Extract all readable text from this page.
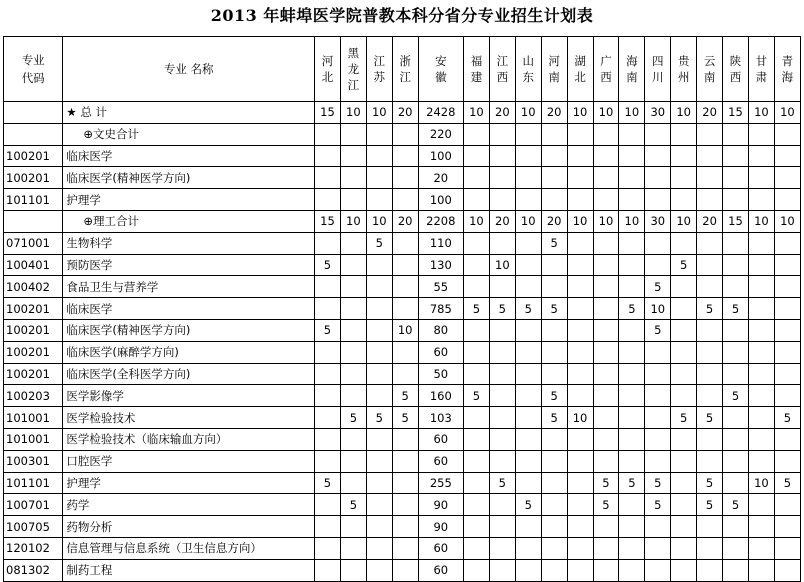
2013 年蚌埠医学院普教本科分省分专业招生计划表
专业代码	专业 名称	河北	黑龙江	江苏	浙江	安徽	福建	江西	山东	河南	湖北	广西	海南	四川	贵州	云南	陕西	甘肃	青海

	★ 总 计	15	10	10	20	2428	10	20	10	20	10	10	10	30	10	20	15	10	10
	⊕文史合计					220													
100201	临床医学					100													
100201	临床医学(精神医学方向)					20													
101101	护理学					100													
	⊕理工合计	15	10	10	20	2208	10	20	10	20	10	10	10	30	10	20	15	10	10
071001	生物科学			5		110				5									
100401	预防医学	5				130		10							5				
100402	食品卫生与营养学					55								5					
100201	临床医学					785	5	5	5	5			5	10		5	5		
100201	临床医学(精神医学方向)	5			10	80								5					
100201	临床医学(麻醉学方向)					60													
100201	临床医学(全科医学方向)					50													
100203	医学影像学				5	160	5			5							5		
101001	医学检验技术		5	5	5	103				5	10				5	5			5
101001	医学检验技术（临床输血方向）					60													
100301	口腔医学					60													
101101	护理学	5				255		5				5	5	5		5		10	5
100701	药学		5			90			5			5		5		5	5		
100705	药物分析					90													
120102	信息管理与信息系统（卫生信息方向）					60													
081302	制药工程					60													
